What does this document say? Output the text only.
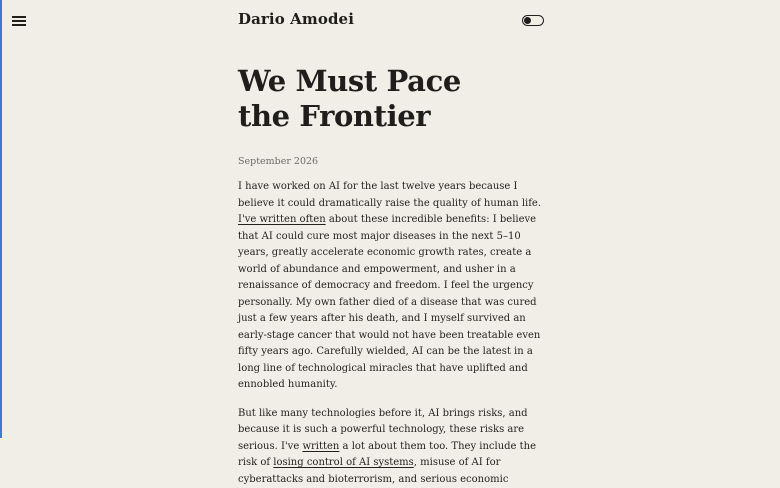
Dario Amodei
We Must Pace
the Frontier
September 2026

I have worked on AI for the last twelve years because I believe it could dramatically raise the quality of human life. I've written often about these incredible benefits: I believe that AI could cure most major diseases in the next 5–10 years, greatly accelerate economic growth rates, create a world of abundance and empowerment, and usher in a renaissance of democracy and freedom. I feel the urgency personally. My own father died of a disease that was cured just a few years after his death, and I myself survived an early-stage cancer that would not have been treatable even fifty years ago. Carefully wielded, AI can be the latest in a long line of technological miracles that have uplifted and ennobled humanity.

But like many technologies before it, AI brings risks, and because it is such a powerful technology, these risks are serious. I've written a lot about them too. They include the risk of losing control of AI systems, misuse of AI for cyberattacks and bioterrorism, and serious economic
